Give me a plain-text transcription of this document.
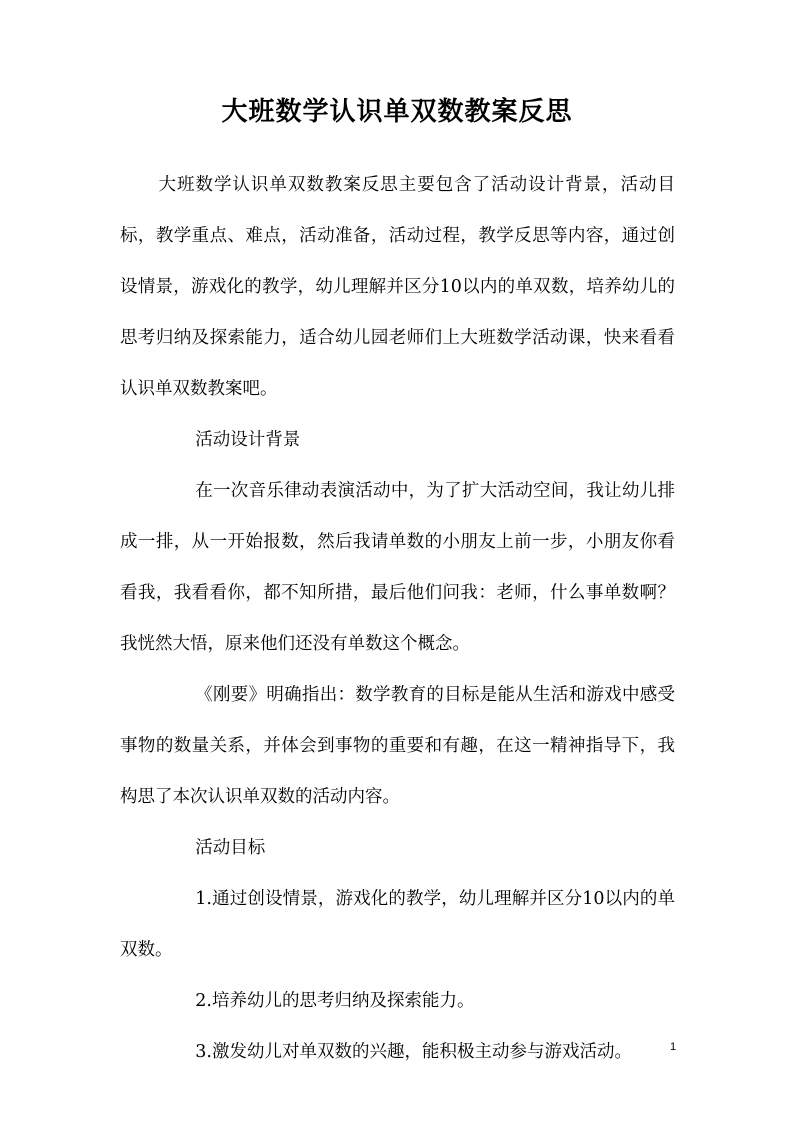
大班数学认识单双数教案反思

大班数学认识单双数教案反思主要包含了活动设计背景，活动目标，教学重点、难点，活动准备，活动过程，教学反思等内容，通过创设情景，游戏化的教学，幼儿理解并区分10以内的单双数，培养幼儿的思考归纳及探索能力，适合幼儿园老师们上大班数学活动课，快来看看认识单双数教案吧。

活动设计背景

在一次音乐律动表演活动中，为了扩大活动空间，我让幼儿排成一排，从一开始报数，然后我请单数的小朋友上前一步，小朋友你看看我，我看看你，都不知所措，最后他们问我：老师，什么事单数啊？我恍然大悟，原来他们还没有单数这个概念。

《刚要》明确指出：数学教育的目标是能从生活和游戏中感受事物的数量关系，并体会到事物的重要和有趣，在这一精神指导下，我构思了本次认识单双数的活动内容。

活动目标

1.通过创设情景，游戏化的教学，幼儿理解并区分10以内的单双数。

2.培养幼儿的思考归纳及探索能力。

3.激发幼儿对单双数的兴趣，能积极主动参与游戏活动。	1
